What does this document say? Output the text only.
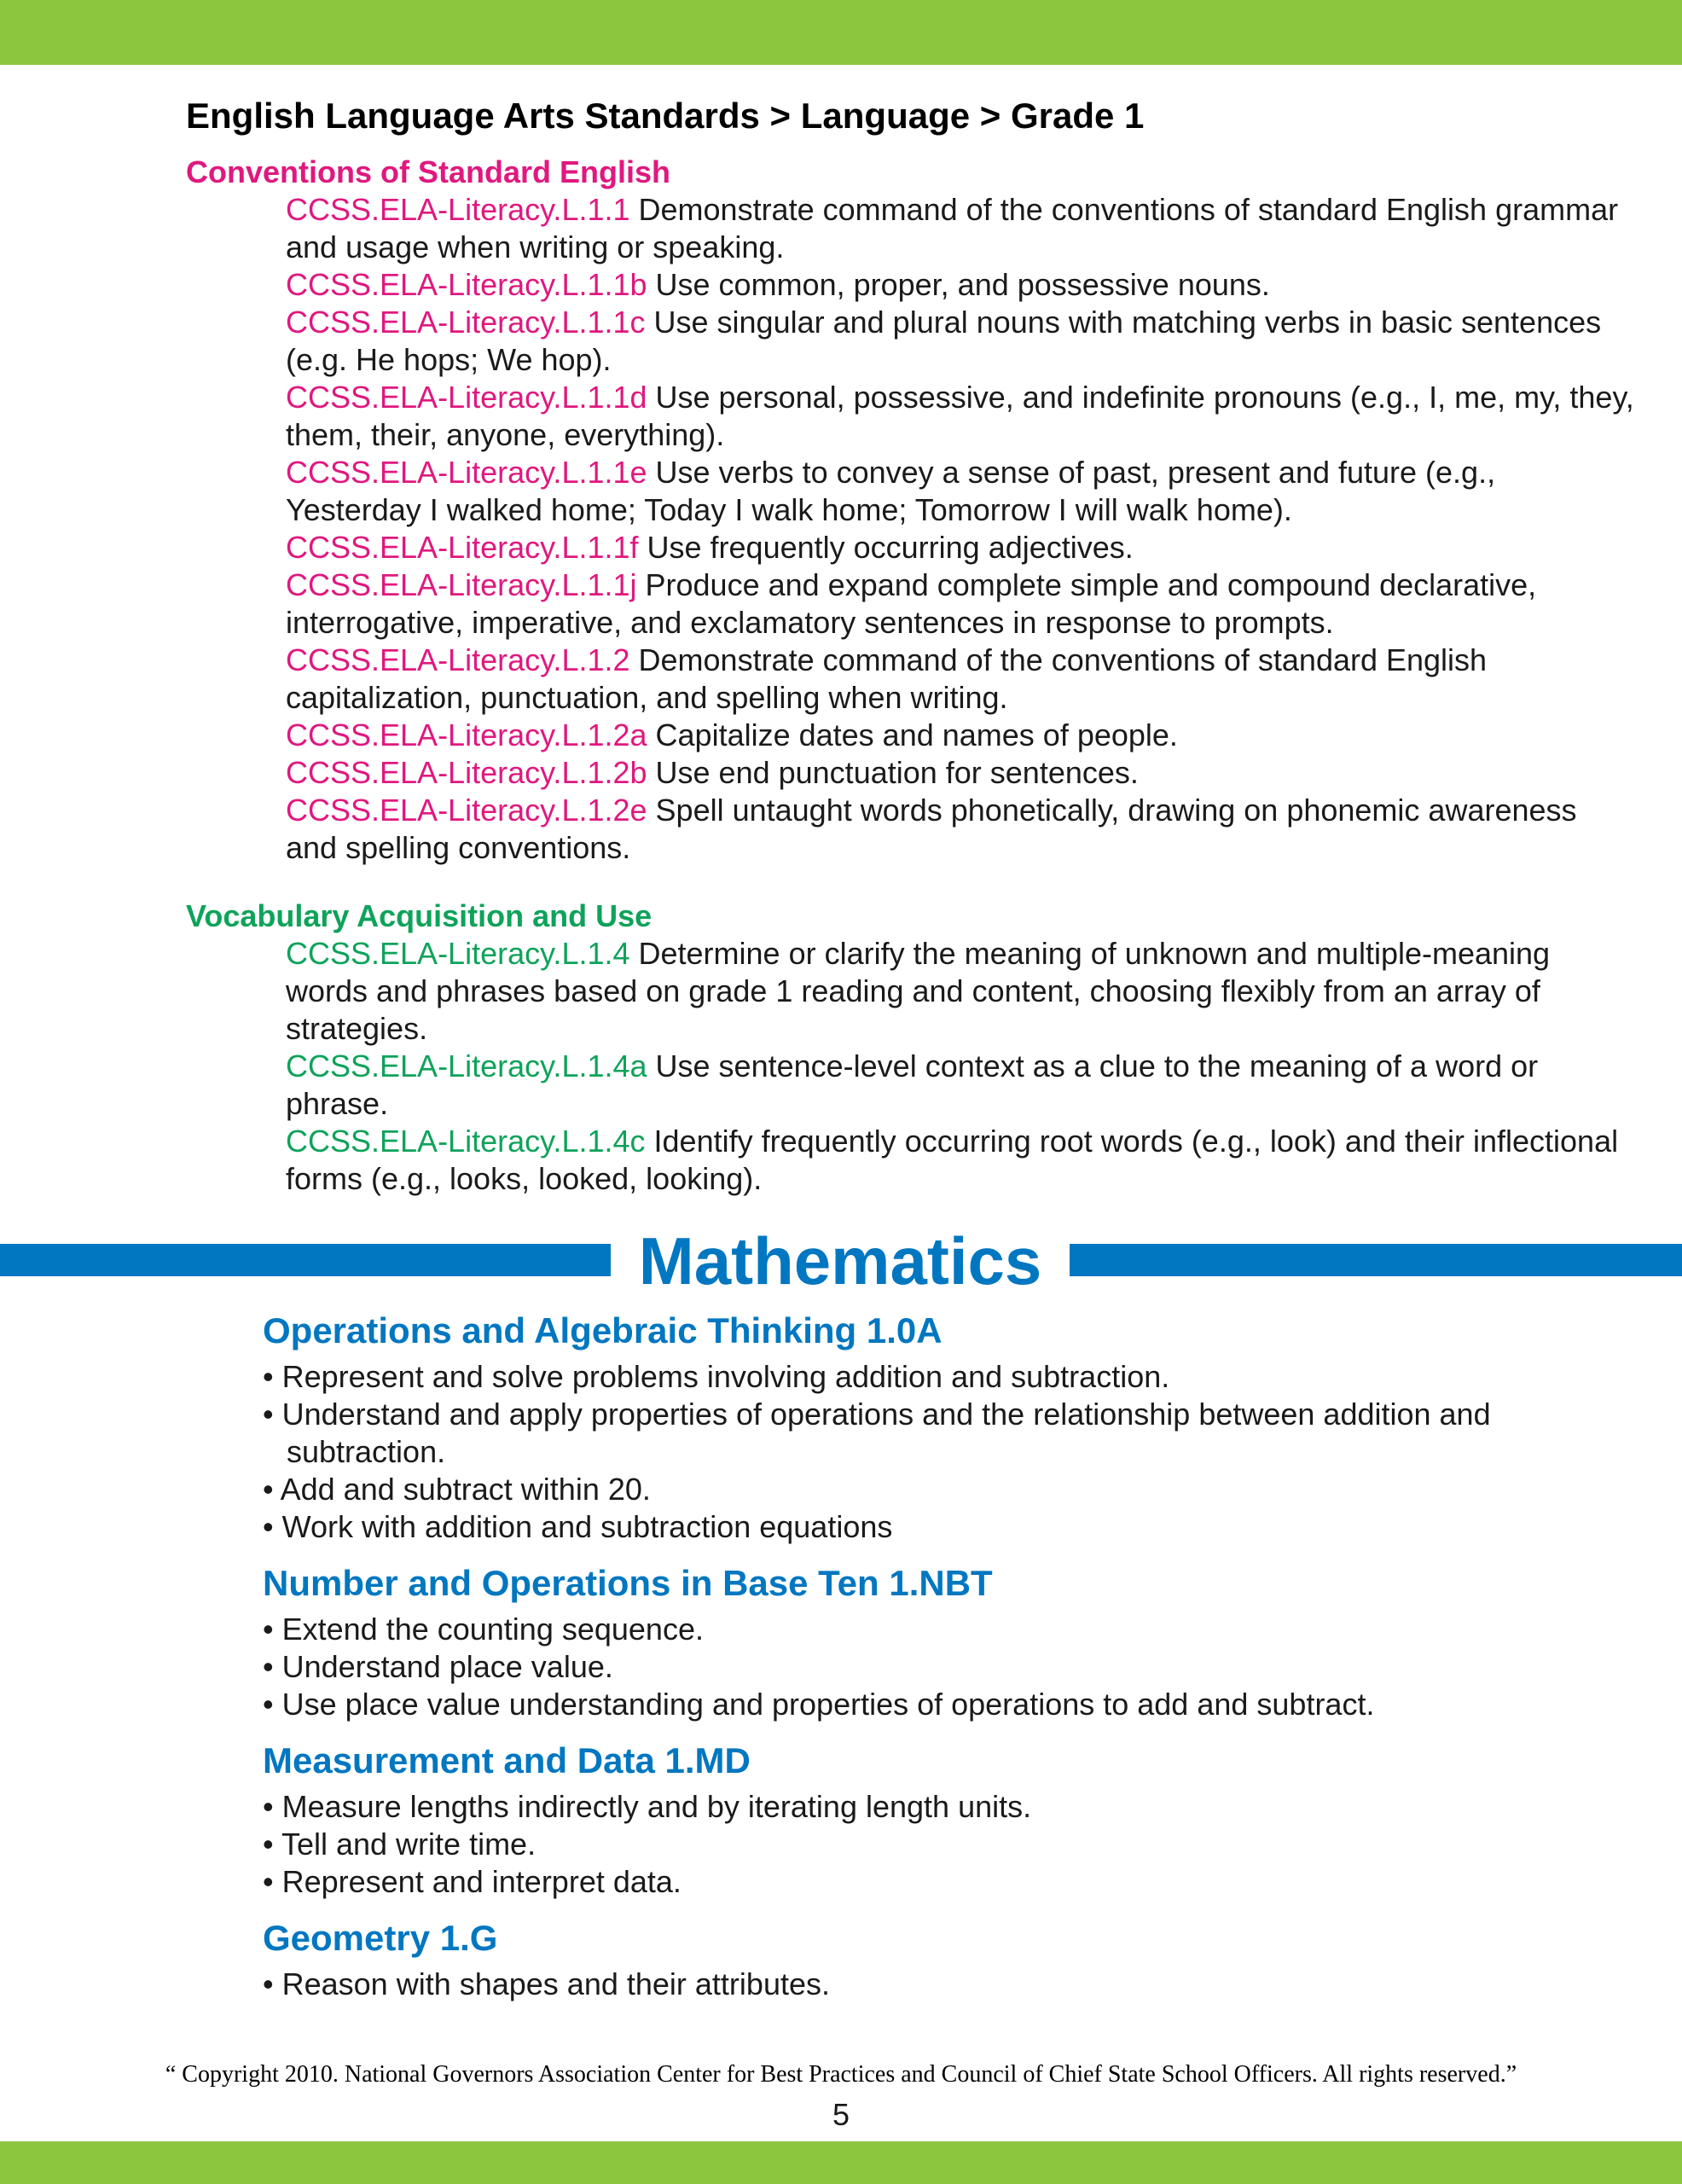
English Language Arts Standards > Language > Grade 1
Conventions of Standard English
CCSS.ELA-Literacy.L.1.1 Demonstrate command of the conventions of standard English grammar and usage when writing or speaking.
CCSS.ELA-Literacy.L.1.1b Use common, proper, and possessive nouns.
CCSS.ELA-Literacy.L.1.1c Use singular and plural nouns with matching verbs in basic sentences (e.g. He hops; We hop).
CCSS.ELA-Literacy.L.1.1d Use personal, possessive, and indefinite pronouns (e.g., I, me, my, they, them, their, anyone, everything).
CCSS.ELA-Literacy.L.1.1e Use verbs to convey a sense of past, present and future (e.g., Yesterday I walked home; Today I walk home; Tomorrow I will walk home).
CCSS.ELA-Literacy.L.1.1f Use frequently occurring adjectives.
CCSS.ELA-Literacy.L.1.1j Produce and expand complete simple and compound declarative, interrogative, imperative, and exclamatory sentences in response to prompts.
CCSS.ELA-Literacy.L.1.2 Demonstrate command of the conventions of standard English capitalization, punctuation, and spelling when writing.
CCSS.ELA-Literacy.L.1.2a Capitalize dates and names of people.
CCSS.ELA-Literacy.L.1.2b Use end punctuation for sentences.
CCSS.ELA-Literacy.L.1.2e Spell untaught words phonetically, drawing on phonemic awareness and spelling conventions.
Vocabulary Acquisition and Use
CCSS.ELA-Literacy.L.1.4 Determine or clarify the meaning of unknown and multiple-meaning words and phrases based on grade 1 reading and content, choosing flexibly from an array of strategies.
CCSS.ELA-Literacy.L.1.4a Use sentence-level context as a clue to the meaning of a word or phrase.
CCSS.ELA-Literacy.L.1.4c Identify frequently occurring root words (e.g., look) and their inflectional forms (e.g., looks, looked, looking).
Mathematics
Operations and Algebraic Thinking 1.0A
• Represent and solve problems involving addition and subtraction.
• Understand and apply properties of operations and the relationship between addition and subtraction.
• Add and subtract within 20.
• Work with addition and subtraction equations
Number and Operations in Base Ten 1.NBT
• Extend the counting sequence.
• Understand place value.
• Use place value understanding and properties of operations to add and subtract.
Measurement and Data 1.MD
• Measure lengths indirectly and by iterating length units.
• Tell and write time.
• Represent and interpret data.
Geometry 1.G
• Reason with shapes and their attributes.
“ Copyright 2010. National Governors Association Center for Best Practices and Council of Chief State School Officers. All rights reserved.”
5
